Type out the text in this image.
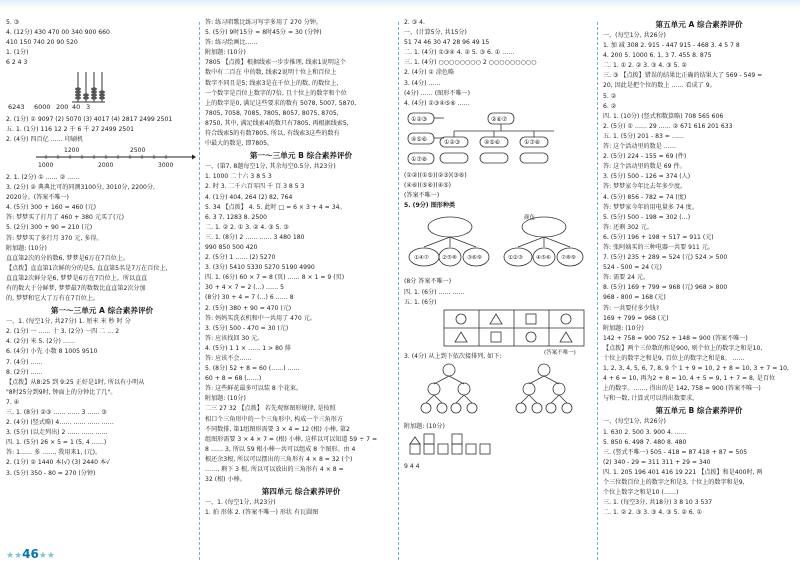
5. ③
4. (12分) 430 470 00 340 900 660
410 150 740 20 90 520
1. (1分)
6 2 4 3
6243 6000 200 40 3
2. (1分) ① 9097 (2) 5070 (3) 4017 (4) 2817 2499 2501
五. 1. (1分) 116 12 2 千 6 千 27 2499 2501
2. (4分) 四百亿 …… 印刷机
1200	2500
1000	2000	3000
2. 1. (2分) ① …… ② ……
3. (2分) ② 典典比可的同测3100分, 3010分, 2200分,
2020分。(答案不唯一)
4. (5分) 300 + 160 = 460 (元)
答: 梦梦买了打月了 460 + 380 元买了(元)
5. (2分) 300 + 90 = 210 (元)
答: 梦梦买了多行月 370 元, 多得。
附加题: (10分)
直直第2次的分的数6, 梦梦是6万在7百位上。
【点拨】直直第1次鲜的分的是5, 直直第5名是7万在百位上,
直直第2次鲜分是6, 梦梦是6万在7百位上。所以直直
有的数大于分鲜梦, 梦梦最7的数数比直直第2次分加
的, 梦梦和它大了万有在7百位上。
第一～三单元 A 综合素养评价
一、1. (每空1分, 共27分) 1. 厘米 米 秒 时 分
2. (1分) 一 …… 十 3. (2分) 一四 二 … 2
4. (2分) 米 5. (2分) ……
6. (4分) 小先 小数 8 1005 9510
7. (4分) ……
8. (2分) ……
【点拨】从8:25 到 9:25 正好是1时, 所以有小明从
"8时25分到9时, 钟面上的分钟比了几"。
7. ④
三. 1. (8分) ②③ …… …… 3 …… ③
2. (4分) (竖式略) 4…… …… …… ……
3. (5分) (以走列出) 2 …… …… ……
四. 1. (5分) 26 × 5 = 1 (5, 4 ……)
答: 1…… 多 ……, 我用来1, (元)。
2. (1分) ② 1440 本(√) (3) 2440 本√
3. (5分) 350 - 80 = 270 (分钟)
答: 练习唱歌比练习写字多用了 270 分钟。
5. (5分) 9时15分 = 8时45分 = 30 (分钟)
答: 练习绘画比……
附加题: (10分)
7805 【点拨】根据线索一步步推理, 线索1说明这个
数中有二百在 中的数, 线索2说明十位上和百位上
数字不同且是5; 线索3是在千位上的数, 的数位上,
一个数字是百位上数字的7倍, 且十位上的数字和个位
上的数字是0, 满足这些要求的数有 5078, 5007, 5870,
7805, 7058, 7085, 7805, 8057, 8075, 8705,
8750, 其中, 满足线索4的数只有7805, 再根据线索5,
符合线索5的有数7805, 所以, 有线索3这些的数有
中最大的数是, 即7805。
第一～三单元 B 综合素养评价
一、(第7, 8题每空1分, 其余每空0.5分, 共23分)
1. 1000 二十六 3 8 5 3
2. 时 3. 二千六百零四 千 百 3 8 5 3
4. (1分) 404, 264 (2) 82, 764
5. 34 【点拨】 4. 5. 此时 □ = 6 × 3 + 4 = 34。
6. 3 7. 1283 8. 2500
二. 1. ② 2. ① 3. ② 4. ③ 5. ③
三. 1. (8分) 2 …… …… 3 480 180
990 850 500 420
2. (5分) 1 …… (2) 5270
3. (3分) 5410 5330 5270 5190 4990
四. 1. (6分) 60 × 7 = 8 (页) …… 8 × 1 = 9 (页)
30 + 4 × 7 = 2 (…) …… 5
(8分) 30 + 4 = 7 (…) 6 …… 8
2. (5分) 380 + 90 = 470 (元)
答: 妈妈买洗衣机和中一共用了 470 元。
3. (5分) 500 - 470 = 30 (元)
答: 应该找回 30 元。
4. (5分) 1 1 × …… 1 > 80 排
答: 应该不会……
5. (8分) 52 + 8 = 60 (……) ……
60 + 8 = 68 (……)
答: 这些鲜花最多可以装 8 个花束。
附加题: (10分)
二三 27 32 【点拨】 若先观察图形规律, 是按照
相口个三角形中的一个三角形中, 构成一个三角形方
不同数排, 第1组图形需要 3 × 4 = 12 (根) 小棒, 第2
组图形需要 3 × 4 × 7 = (根) 小棒, 这样以可以知道 59 ÷ 7 =
8 …… 3, 所以 59 根小棒一共可以组成 8 个图形。由 4
根还余3根, 所以可以摆出的三角形有 4 × 8 = 32 (个)
……, 剩下 3 根, 所以可以放出的三角形有 4 × 8 =
32 (根) 小棒。
第四单元 综合素养评价
一、1. (每空1分, 共23分)
1. 拍 形体 2. (答案不唯一) 形状 有瓦圆图
2. ③ 4.
一、(计算5分, 共15分)
51 74 46 30 47 28 96 49 15
二. 1. (4分) ①③④ 4. ② 5. ③ 6. ① ……
三. 1. (4分) ○○○○○○○○ 2 ○○○○○○○○○
2. (4分) ① 涂色略
3. (4分) ……
(4分) …… (图形不唯一)
4. (4分) ①③④⑤⑥ ……
①②③
④⑤⑥
①⑦⑧
②⑥⑦
①②③	④⑤⑥	①⑦⑧
(①②)(①⑤)(②③)(③⑥)
(④⑥)(⑤⑥)(④⑤)
(答案不唯一)
5. (9分) 图形种类
颜色
①④⑦ ②⑤⑧ ③⑥⑨	①②③ ④⑤⑥ ⑦⑧⑨
(8分 答案不唯一)
四. 1. (6分) …… ……
五. 1. (6分)
(答案不唯一)
3. (4分) 从上到下依次接排列, 如下:
附加题: (10分)
9 4 4
第五单元 A 综合素养评价
一、(每空1分, 共26分)
1. 加 减 308 2. 915 - 447 915 - 468 3. 4 5 7 8
4. 200 5. 1000 6. 1, 3 7. 455 8. 875
二. 1. ① 2. ② 3. ③ 4. ③ 5. ②
三. ③ 【点拨】错误的结果比正确的结果大了 569 - 549 =
20, 因此是把个位的数上 …… 看成了 9。
5. ②
6. ②
四. 1. (10分) (竖式和数算略) 708 565 606
2. (5分) ① …… 29 …… ② 671 616 201 633
五. 1. (5分) 201 - 83 = ……
答: 这个活动里的数是 ……
2. (5分) 224 - 155 = 69 (件)
答: 这个活动里的数是 69 件。
3. (5分) 500 - 126 = 374 (人)
答: 梦梦家今年比去年多少度。
4. (5分) 856 - 782 = 74 (度)
答: 梦梦家今年的用电量多 74 度。
5. (5分) 500 - 198 = 302 (…)
答: 还剩 302 元。
6. (5分) 196 + 198 + 517 = 911 (元)
答: 张阿姨买的三种电器一共要 911 元。
7. (5分) 235 + 289 = 524 (元) 524 > 500
524 - 500 = 24 (元)
答: 需要 24 元。
8. (5分) 169 + 799 = 968 (元) 968 > 800
968 - 800 = 168 (元)
答: 一共要付多少钱?
169 + 799 = 968 (元)
附加题: (10分)
142 + 758 = 900 752 + 148 = 900 (答案不唯一)
【点拨】两个三位数的和是900, 则个位上的数字之和是10,
十位上的数字之和是9, 百位上的数字之和是8。 ……
1, 2, 3, 4, 5, 6, 7, 8, 9 个 1 + 9 = 10, 2 + 8 = 10, 3 + 7 = 10,
4 + 6 = 10, 再为2 + 8 = 10, 4 + 5 = 9, 1 + 7 = 8, 是百位
上的数字。……, 得出的是 142, 758 = 900 (答案不唯一)
与和一数, 计算式可以得出数要求。
第五单元 B 综合素养评价
一、(每空1分, 共26分)
1. 630 2. 500 3. 900 4. ……
5. 850 6. 498 7. 480 8. 480
三. (竖式不唯一) 505 - 418 = 87 418 + 87 = 505
(2) 340 - 29 = 311 311 + 29 = 340
四. 1. 205 196 401 416 19 221 【点拨】和是400时, 两
个三位数百位上的数字之和是3, 十位上的数字和是9,
个位上数字之和是10 (……)
三. 1. (每空3分, 共18分) 3 8 10 3 537
二. 1. ② 2. ③ 3. ③ 4. ③ 5. ② 6. ①
★★46★★
